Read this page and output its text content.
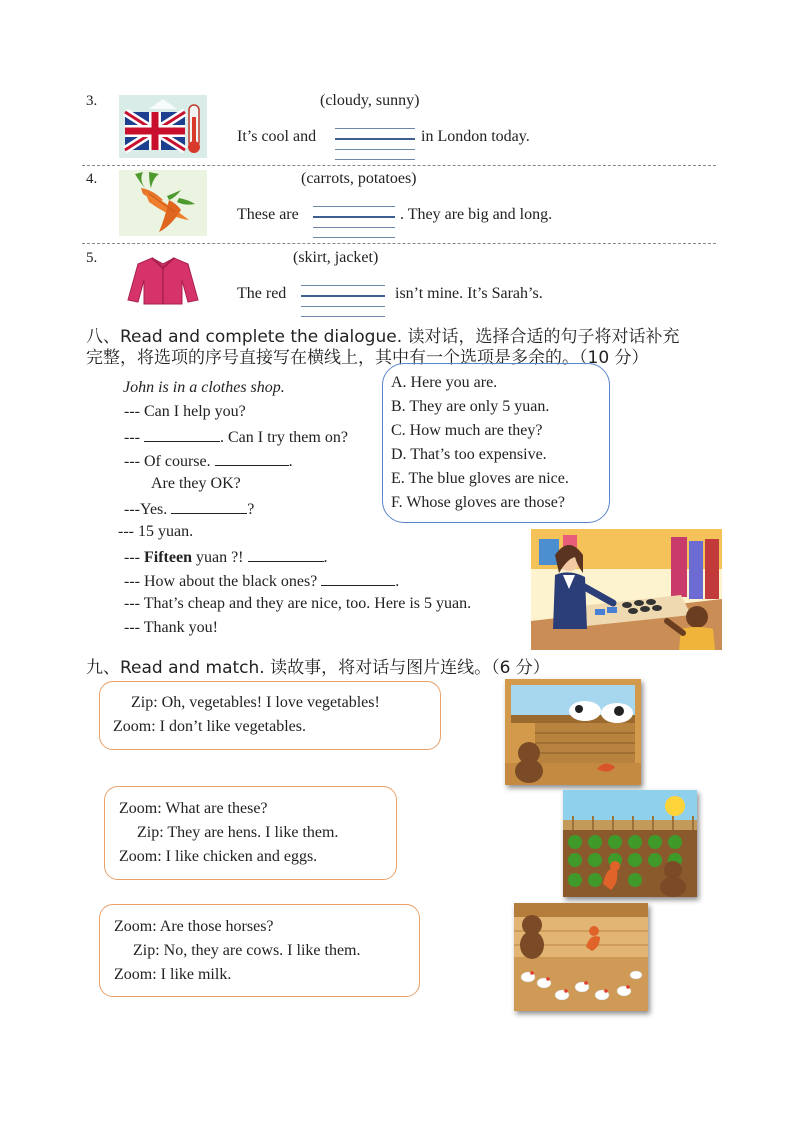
3.	(cloudy, sunny)
It’s cool and	in London today.
4.	(carrots, potatoes)
These are	. They are big and long.
5.	(skirt, jacket)
The red	isn’t mine. It’s Sarah’s.
八、Read and complete the dialogue. 读对话，选择合适的句子将对话补充
完整，将选项的序号直接写在横线上，其中有一个选项是多余的。（10 分）
John is in a clothes shop.
--- Can I help you?
---	. Can I try them on?
--- Of course.	.
Are they OK?
---Yes.	?
--- 15 yuan.
--- Fifteen yuan ?!	.
--- How about the black ones?	.
--- That’s cheap and they are nice, too. Here is 5 yuan.
--- Thank you!
A. Here you are.
B. They are only 5 yuan.
C. How much are they?
D. That’s too expensive.
E. The blue gloves are nice.
F. Whose gloves are those?
九、Read and match. 读故事，将对话与图片连线。（6 分）
Zip: Oh, vegetables! I love vegetables!
Zoom: I don’t like vegetables.
Zoom: What are these?
Zip: They are hens. I like them.
Zoom: I like chicken and eggs.
Zoom: Are those horses?
Zip: No, they are cows. I like them.
Zoom: I like milk.
